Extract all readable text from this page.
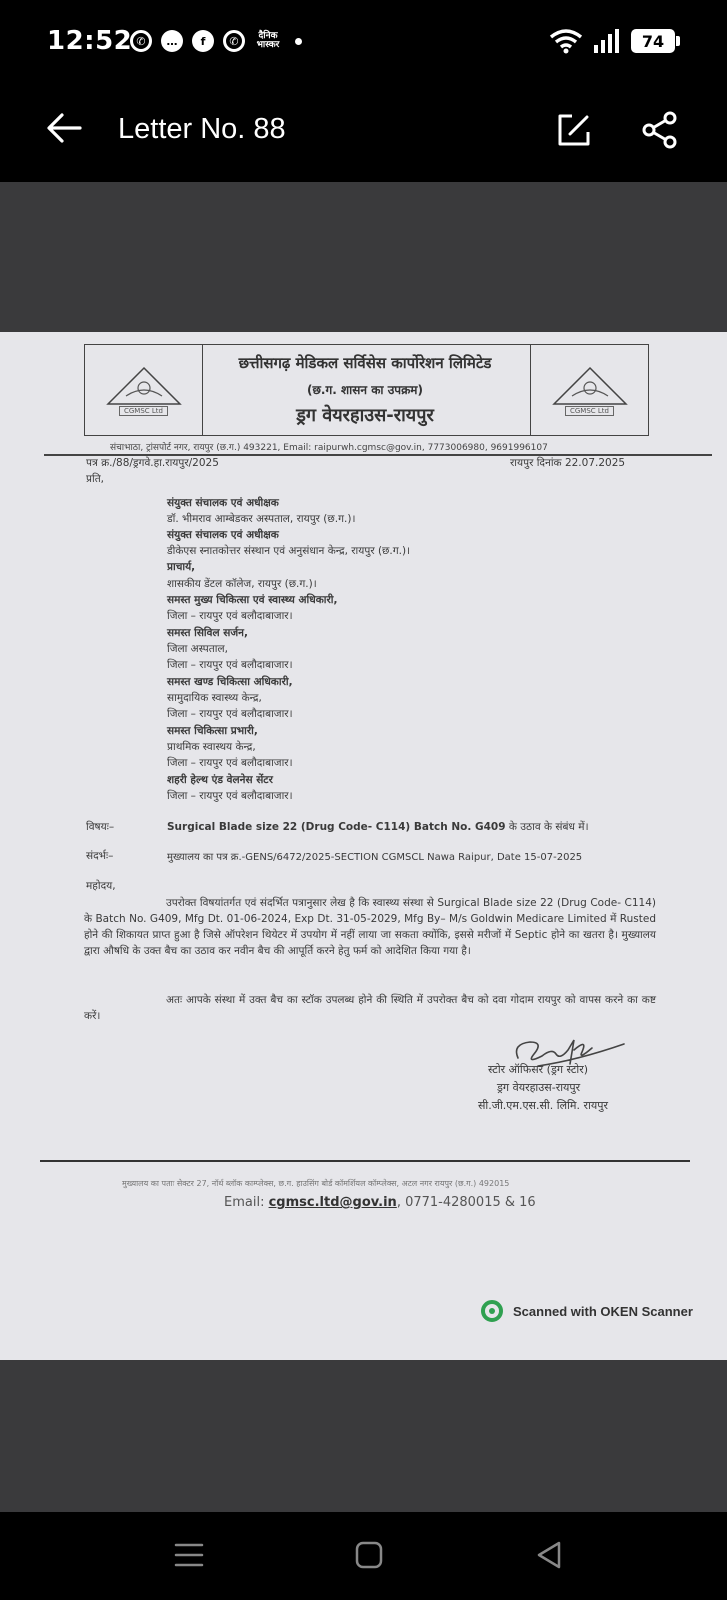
12:52 ✆	…	f	✆	दैनिक भास्कर	74
Letter No. 88
CGMSC Ltd
छत्तीसगढ़ मेडिकल सर्विसेस कार्पोरेशन लिमिटेड
(छ.ग. शासन का उपक्रम)
ड्रग वेयरहाउस-रायपुर	CGMSC Ltd
संचाभाठा, ट्रांसपोर्ट नगर, रायपुर (छ.ग.) 493221, Email: raipurwh.cgmsc@gov.in, 7773006980, 9691996107

पत्र क्र./88/ड्रगवे.हा.रायपुर/2025	रायपुर दिनांक 22.07.2025

प्रति,

संयुक्त संचालक एवं अधीक्षक

डॉ. भीमराव आम्बेडकर अस्पताल, रायपुर (छ.ग.)।

संयुक्त संचालक एवं अधीक्षक

डीकेएस स्नातकोत्तर संस्थान एवं अनुसंधान केन्द्र, रायपुर (छ.ग.)।

प्राचार्य,

शासकीय डेंटल कॉलेज, रायपुर (छ.ग.)।

समस्त मुख्य चिकित्सा एवं स्वास्थ्य अधिकारी,

जिला – रायपुर एवं बलौदाबाजार।

समस्त सिविल सर्जन,

जिला अस्पताल,

जिला – रायपुर एवं बलौदाबाजार।

समस्त खण्ड चिकित्सा अधिकारी,

सामुदायिक स्वास्थ्य केन्द्र,

जिला – रायपुर एवं बलौदाबाजार।

समस्त चिकित्सा प्रभारी,

प्राथमिक स्वास्थय केन्द्र,

जिला – रायपुर एवं बलौदाबाजार।

शहरी हेल्थ एंड वेलनेस सेंटर

जिला – रायपुर एवं बलौदाबाजार।

विषयः–	Surgical Blade size 22 (Drug Code- C114) Batch No. G409 के उठाव के संबंध में।

संदर्भः–	मुख्यालय का पत्र क्र.-GENS/6472/2025-SECTION CGMSCL Nawa Raipur, Date 15-07-2025

महोदय,

उपरोक्त विषयांतर्गत एवं संदर्भित पत्रानुसार लेख है कि स्वास्थ्य संस्था से Surgical Blade size 22 (Drug Code- C114) के Batch No. G409, Mfg Dt. 01-06-2024, Exp Dt. 31-05-2029, Mfg By– M/s Goldwin Medicare Limited में Rusted होने की शिकायत प्राप्त हुआ है जिसे ऑपरेशन थियेटर में उपयोग में नहीं लाया जा सकता क्योंकि, इससे मरीजों में Septic होने का खतरा है। मुख्यालय द्वारा औषधि के उक्त बैच का उठाव कर नवीन बैच की आपूर्ति करने हेतु फर्म को आदेशित किया गया है।
अतः आपके संस्था में उक्त बैच का स्टॉक उपलब्ध होने की स्थिति में उपरोक्त बैच को दवा गोदाम रायपुर को वापस करने का कष्ट करें।

स्टोर ऑफिसर (ड्रग स्टोर)

ड्रग वेयरहाउस-रायपुर

सी.जी.एम.एस.सी. लिमि. रायपुर

मुख्यालय का पताः सेक्टर 27, नॉर्थ ब्लॉक काम्प्लेक्स, छ.ग. हाउसिंग बोर्ड कॉमर्शियल कॉम्प्लेक्स, अटल नगर रायपुर (छ.ग.) 492015
Email: cgmsc.ltd@gov.in, 0771-4280015 & 16
Scanned with OKEN Scanner
